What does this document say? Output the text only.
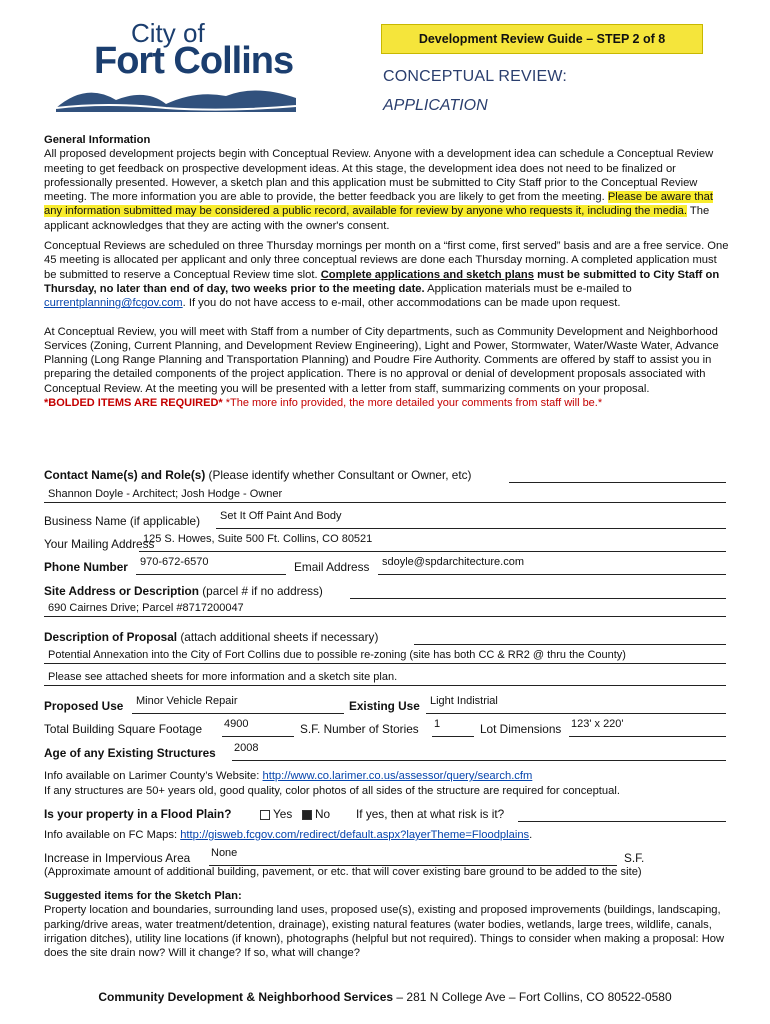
City of
Fort Collins
Development Review Guide – STEP 2 of 8
CONCEPTUAL REVIEW:
APPLICATION

General Information

All proposed development projects begin with Conceptual Review. Anyone with a development idea can schedule a Conceptual Review meeting to get feedback on prospective development ideas. At this stage, the development idea does not need to be finalized or professionally presented. However, a sketch plan and this application must be submitted to City Staff prior to the Conceptual Review meeting. The more information you are able to provide, the better feedback you are likely to get from the meeting. Please be aware that any information submitted may be considered a public record, available for review by anyone who requests it, including the media. The applicant acknowledges that they are acting with the owner's consent.

Conceptual Reviews are scheduled on three Thursday mornings per month on a “first come, first served” basis and are a free service. One 45 meeting is allocated per applicant and only three conceptual reviews are done each Thursday morning. A completed application must be submitted to reserve a Conceptual Review time slot. Complete applications and sketch plans must be submitted to City Staff on Thursday, no later than end of day, two weeks prior to the meeting date. Application materials must be e-mailed to currentplanning@fcgov.com. If you do not have access to e-mail, other accommodations can be made upon request.

At Conceptual Review, you will meet with Staff from a number of City departments, such as Community Development and Neighborhood Services (Zoning, Current Planning, and Development Review Engineering), Light and Power, Stormwater, Water/Waste Water, Advance Planning (Long Range Planning and Transportation Planning) and Poudre Fire Authority. Comments are offered by staff to assist you in preparing the detailed components of the project application. There is no approval or denial of development proposals associated with Conceptual Review. At the meeting you will be presented with a letter from staff, summarizing comments on your proposal.

*BOLDED ITEMS ARE REQUIRED* *The more info provided, the more detailed your comments from staff will be.*

Contact Name(s) and Role(s) (Please identify whether Consultant or Owner, etc)
Shannon Doyle - Architect; Josh Hodge - Owner
Business Name (if applicable) Set It Off Paint And Body
Your Mailing Address
125 S. Howes, Suite 500 Ft. Collins, CO 80521
Phone Number 970-672-6570	Email Address sdoyle@spdarchitecture.com
Site Address or Description (parcel # if no address)
690 Cairnes Drive; Parcel #8717200047
Description of Proposal (attach additional sheets if necessary)
Potential Annexation into the City of Fort Collins due to possible re-zoning (site has both CC & RR2 @ thru the County)
Please see attached sheets for more information and a sketch site plan.
Proposed Use Minor Vehicle Repair	Existing Use Light Indistrial
Total Building Square Footage 4900	S.F. Number of Stories 1	Lot Dimensions 123' x 220'
Age of any Existing Structures 2008
Info available on Larimer County’s Website: http://www.co.larimer.co.us/assessor/query/search.cfm
If any structures are 50+ years old, good quality, color photos of all sides of the structure are required for conceptual.
Is your property in a Flood Plain?	Yes	No If yes, then at what risk is it?
Info available on FC Maps: http://gisweb.fcgov.com/redirect/default.aspx?layerTheme=Floodplains.
Increase in Impervious Area None	S.F.
(Approximate amount of additional building, pavement, or etc. that will cover existing bare ground to be added to the site)

Suggested items for the Sketch Plan:

Property location and boundaries, surrounding land uses, proposed use(s), existing and proposed improvements (buildings, landscaping, parking/drive areas, water treatment/detention, drainage), existing natural features (water bodies, wetlands, large trees, wildlife, canals, irrigation ditches), utility line locations (if known), photographs (helpful but not required). Things to consider when making a proposal: How does the site drain now? Will it change? If so, what will change?

Community Development & Neighborhood Services – 281 N College Ave – Fort Collins, CO 80522-0580
